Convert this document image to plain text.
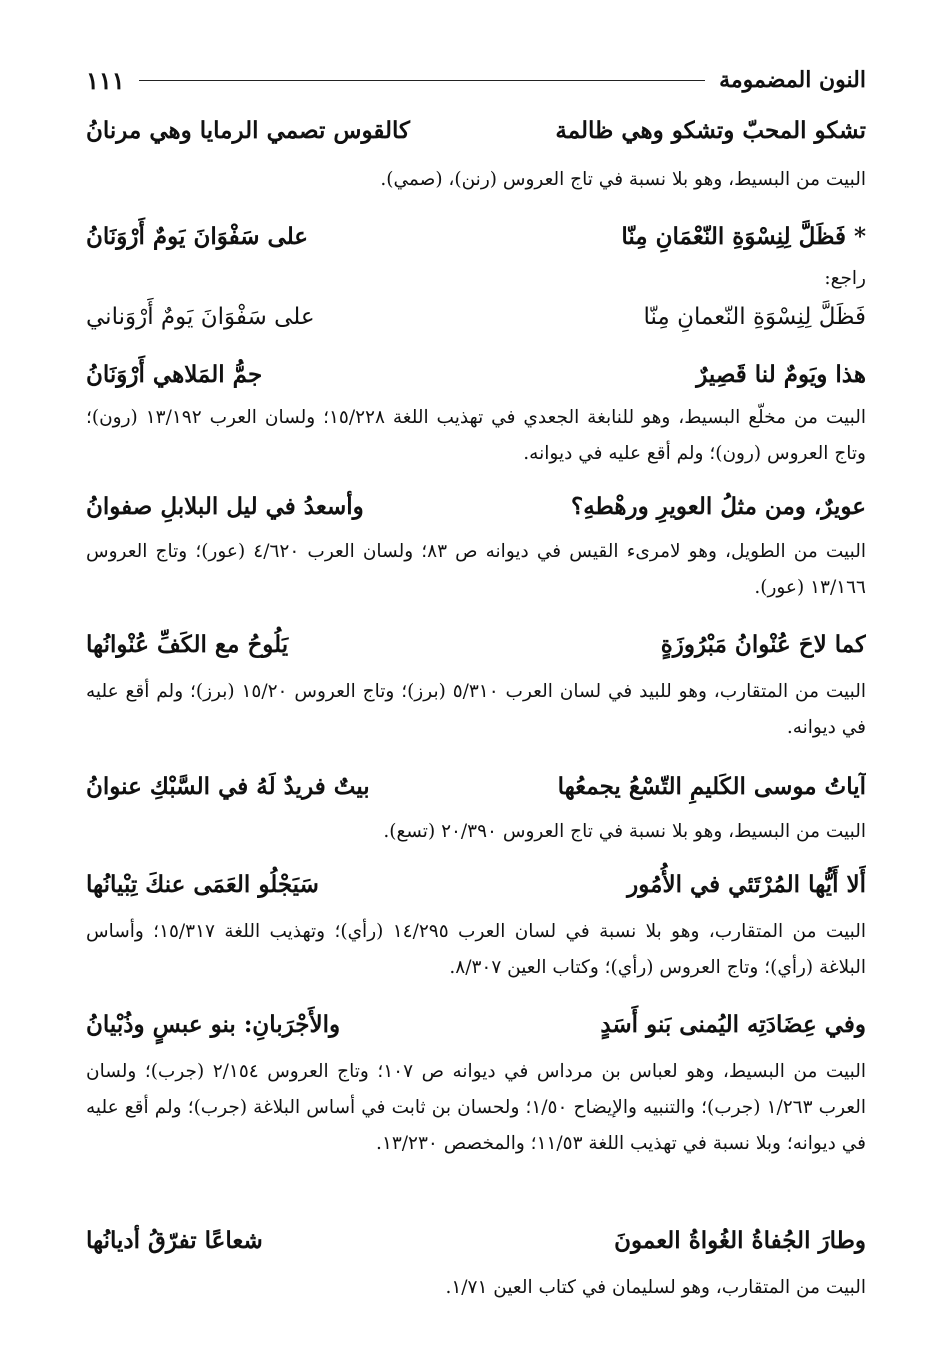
النون المضمومة
١١١
تشكو المحبّ وتشكو وهي ظالمة
كالقوس تصمي الرمايا وهي مرنانُ
البيت من البسيط، وهو بلا نسبة في تاج العروس (رنن)، (صمي).
* فَظَلَّ لِنِسْوَةِ النّعْمَانِ مِنّا
على سَفْوَانَ يَومٌ أَرْوَنَانُ
راجع:
فَظَلَّ لِنِسْوَةِ النّعمانِ مِنّا
على سَفْوَانَ يَومٌ أَرْوَناني
هذا ويَومٌ لنا قَصِيرٌ
جمُّ المَلاهي أَرْوَنَانُ
البيت من مخلّع البسيط، وهو للنابغة الجعدي في تهذيب اللغة ١٥/٢٢٨؛ ولسان العرب ١٣/١٩٢ (رون)؛ وتاج العروس (رون)؛ ولم أقع عليه في ديوانه.
عويرٌ، ومن مثلُ العويرِ ورهْطهِ؟
وأسعدُ في ليل البلابلِ صفوانُ
البيت من الطويل، وهو لامرىء القيس في ديوانه ص ٨٣؛ ولسان العرب ٤/٦٢٠ (عور)؛ وتاج العروس ١٣/١٦٦ (عور).
كما لاحَ عُنْوانُ مَبْرُوزَةٍ
يَلُوحُ مع الكَفِّ عُنْوانُها
البيت من المتقارب، وهو للبيد في لسان العرب ٥/٣١٠ (برز)؛ وتاج العروس ١٥/٢٠ (برز)؛ ولم أقع عليه في ديوانه.
آياتُ موسى الكَليمِ التّسْعُ يجمعُها
بيتٌ فريدٌ لَهُ في السَّبْكِ عنوانُ
البيت من البسيط، وهو بلا نسبة في تاج العروس ٢٠/٣٩٠ (تسع).
أَلا أَيُّها المُرْتَئي في الأُمُور
سَيَجْلُو العَمَى عنكَ تِبْيانُها
البيت من المتقارب، وهو بلا نسبة في لسان العرب ١٤/٢٩٥ (رأي)؛ وتهذيب اللغة ١٥/٣١٧؛ وأساس البلاغة (رأي)؛ وتاج العروس (رأي)؛ وكتاب العين ٨/٣٠٧.
وفي عِضَادَتِه اليُمنى بَنو أَسَدٍ
والأَجْرَبانِ: بنو عبسٍ وذُبْيانُ
البيت من البسيط، وهو لعباس بن مرداس في ديوانه ص ١٠٧؛ وتاج العروس ٢/١٥٤ (جرب)؛ ولسان العرب ١/٢٦٣ (جرب)؛ والتنبيه والإيضاح ١/٥٠؛ ولحسان بن ثابت في أساس البلاغة (جرب)؛ ولم أقع عليه في ديوانه؛ وبلا نسبة في تهذيب اللغة ١١/٥٣؛ والمخصص ١٣/٢٣٠.
وطارَ الجُفاةُ الغُواةُ العمونَ
شعاعًا تفرّقُ أديانُها
البيت من المتقارب، وهو لسليمان في كتاب العين ١/٧١.
